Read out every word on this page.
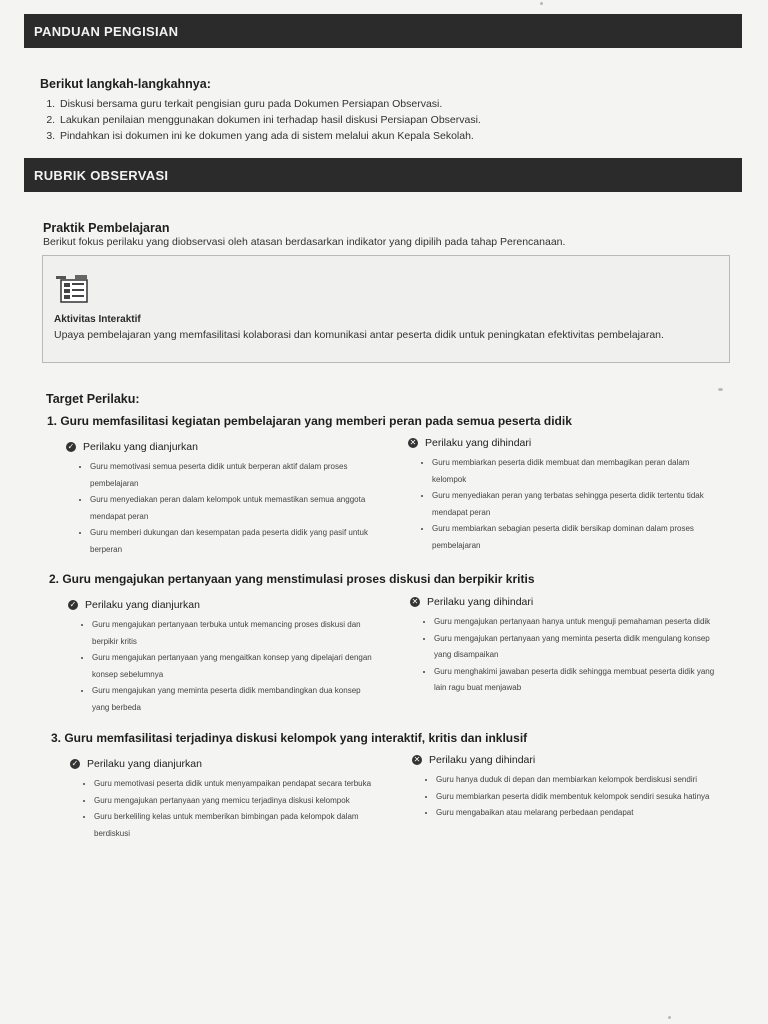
PANDUAN PENGISIAN
Berikut langkah-langkahnya:
1. Diskusi bersama guru terkait pengisian guru pada Dokumen Persiapan Observasi.
2. Lakukan penilaian menggunakan dokumen ini terhadap hasil diskusi Persiapan Observasi.
3. Pindahkan isi dokumen ini ke dokumen yang ada di sistem melalui akun Kepala Sekolah.
RUBRIK OBSERVASI
Praktik Pembelajaran
Berikut fokus perilaku yang diobservasi oleh atasan berdasarkan indikator yang dipilih pada tahap Perencanaan.
Aktivitas Interaktif
Upaya pembelajaran yang memfasilitasi kolaborasi dan komunikasi antar peserta didik untuk peningkatan efektivitas pembelajaran.
Target Perilaku:
1. Guru memfasilitasi kegiatan pembelajaran yang memberi peran pada semua peserta didik
✓ Perilaku yang dianjurkan
• Guru memotivasi semua peserta didik untuk berperan aktif dalam proses pembelajaran
• Guru menyediakan peran dalam kelompok untuk memastikan semua anggota mendapat peran
• Guru memberi dukungan dan kesempatan pada peserta didik yang pasif untuk berperan
✕ Perilaku yang dihindari
• Guru membiarkan peserta didik membuat dan membagikan peran dalam kelompok
• Guru menyediakan peran yang terbatas sehingga peserta didik tertentu tidak mendapat peran
• Guru membiarkan sebagian peserta didik bersikap dominan dalam proses pembelajaran
2. Guru mengajukan pertanyaan yang menstimulasi proses diskusi dan berpikir kritis
✓ Perilaku yang dianjurkan
• Guru mengajukan pertanyaan terbuka untuk memancing proses diskusi dan berpikir kritis
• Guru mengajukan pertanyaan yang mengaitkan konsep yang dipelajari dengan konsep sebelumnya
• Guru mengajukan yang meminta peserta didik membandingkan dua konsep yang berbeda
✕ Perilaku yang dihindari
• Guru mengajukan pertanyaan hanya untuk menguji pemahaman peserta didik
• Guru mengajukan pertanyaan yang meminta peserta didik mengulang konsep yang disampaikan
• Guru menghakimi jawaban peserta didik sehingga membuat peserta didik yang lain ragu buat menjawab
3. Guru memfasilitasi terjadinya diskusi kelompok yang interaktif, kritis dan inklusif
✓ Perilaku yang dianjurkan
• Guru memotivasi peserta didik untuk menyampaikan pendapat secara terbuka
• Guru mengajukan pertanyaan yang memicu terjadinya diskusi kelompok
• Guru berkeliling kelas untuk memberikan bimbingan pada kelompok dalam berdiskusi
✕ Perilaku yang dihindari
• Guru hanya duduk di depan dan membiarkan kelompok berdiskusi sendiri
• Guru membiarkan peserta didik membentuk kelompok sendiri sesuka hatinya
• Guru mengabaikan atau melarang perbedaan pendapat
